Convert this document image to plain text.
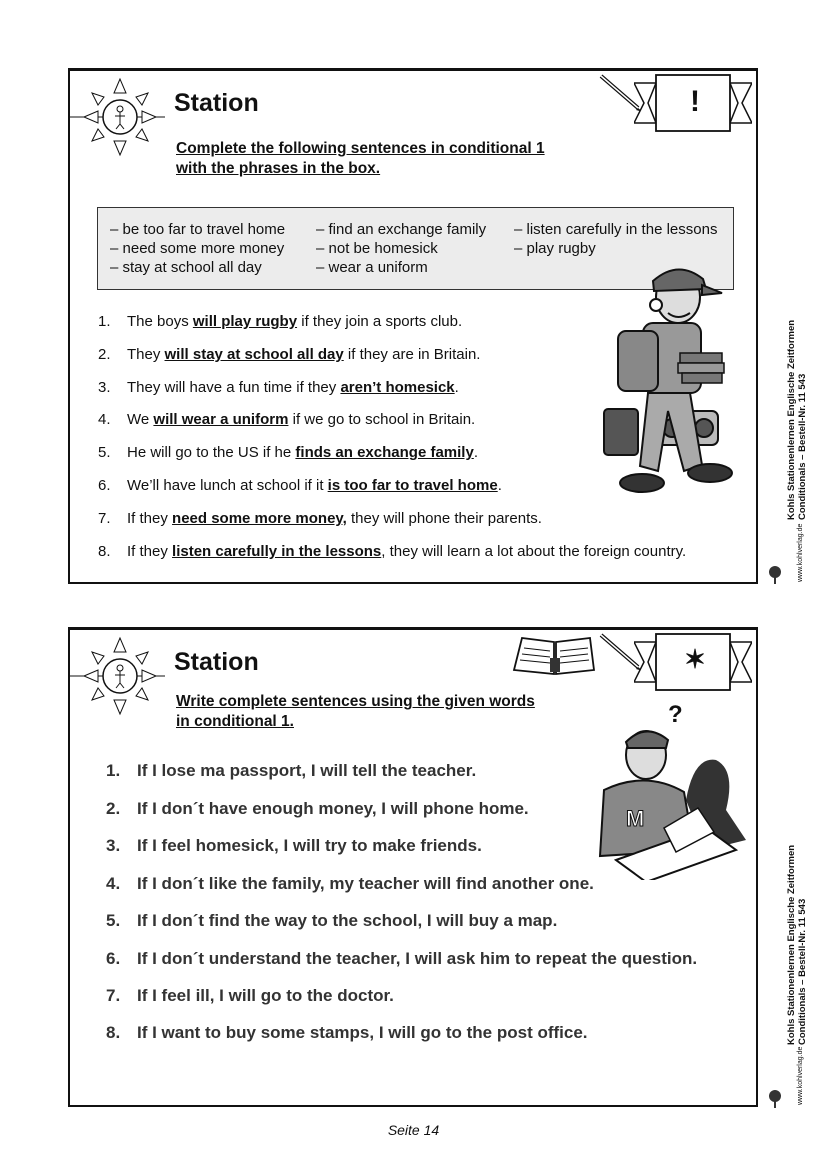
Station	!
Complete the following sentences in conditional 1
with the phrases in the box.
– be too far to travel home
– need some more money
– stay at school all day
– find an exchange family
– not be homesick
– wear a uniform
– listen carefully in the lessons
– play rugby
1. The boys will play rugby if they join a sports club.
2. They will stay at school all day if they are in Britain.
3. They will have a fun time if they aren’t homesick.
4. We will wear a uniform if we go to school in Britain.
5. He will go to the US if he finds an exchange family.
6. We’ll have lunch at school if it is too far to travel home.
7. If they need some more money, they will phone their parents.
8. If they listen carefully in the lessons, they will learn a lot about the foreign country.
Station	✶
Write complete sentences using the given words
in conditional 1.
1. If I lose ma passport, I will tell the teacher.
2. If I don´t have enough money, I will phone home.
3. If I feel homesick, I will try to make friends.
4. If I don´t like the family, my teacher will find another one.
5. If I don´t find the way to the school, I will buy a map.
6. If I don´t understand the teacher, I will ask him to repeat the question.
7. If I feel ill, I will go to the doctor.
8. If I want to buy some stamps, I will go to the post office.
?
M
Kohls Stationenlernen Englische Zeitformen Conditionals – Bestell-Nr. 11 543
www.kohlverlag.de
Kohls Stationenlernen Englische Zeitformen Conditionals – Bestell-Nr. 11 543
www.kohlverlag.de
Seite 14
